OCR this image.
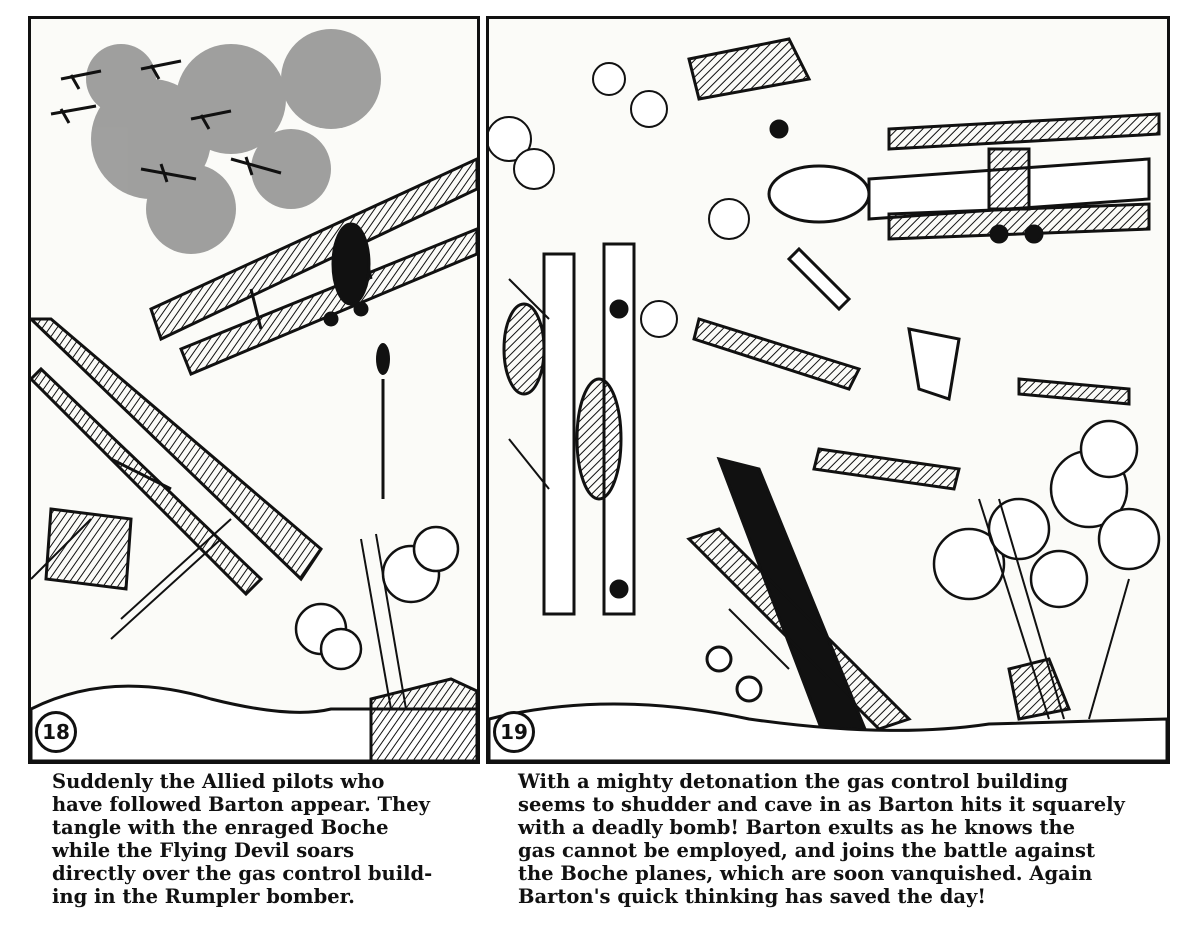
18	19
Suddenly the Allied pilots who
have followed Barton appear. They
tangle with the enraged Boche
while the Flying Devil soars
directly over the gas control build-
ing in the Rumpler bomber.
With a mighty detonation the gas control building
seems to shudder and cave in as Barton hits it squarely
with a deadly bomb! Barton exults as he knows the
gas cannot be employed, and joins the battle against
the Boche planes, which are soon vanquished. Again
Barton's quick thinking has saved the day!
